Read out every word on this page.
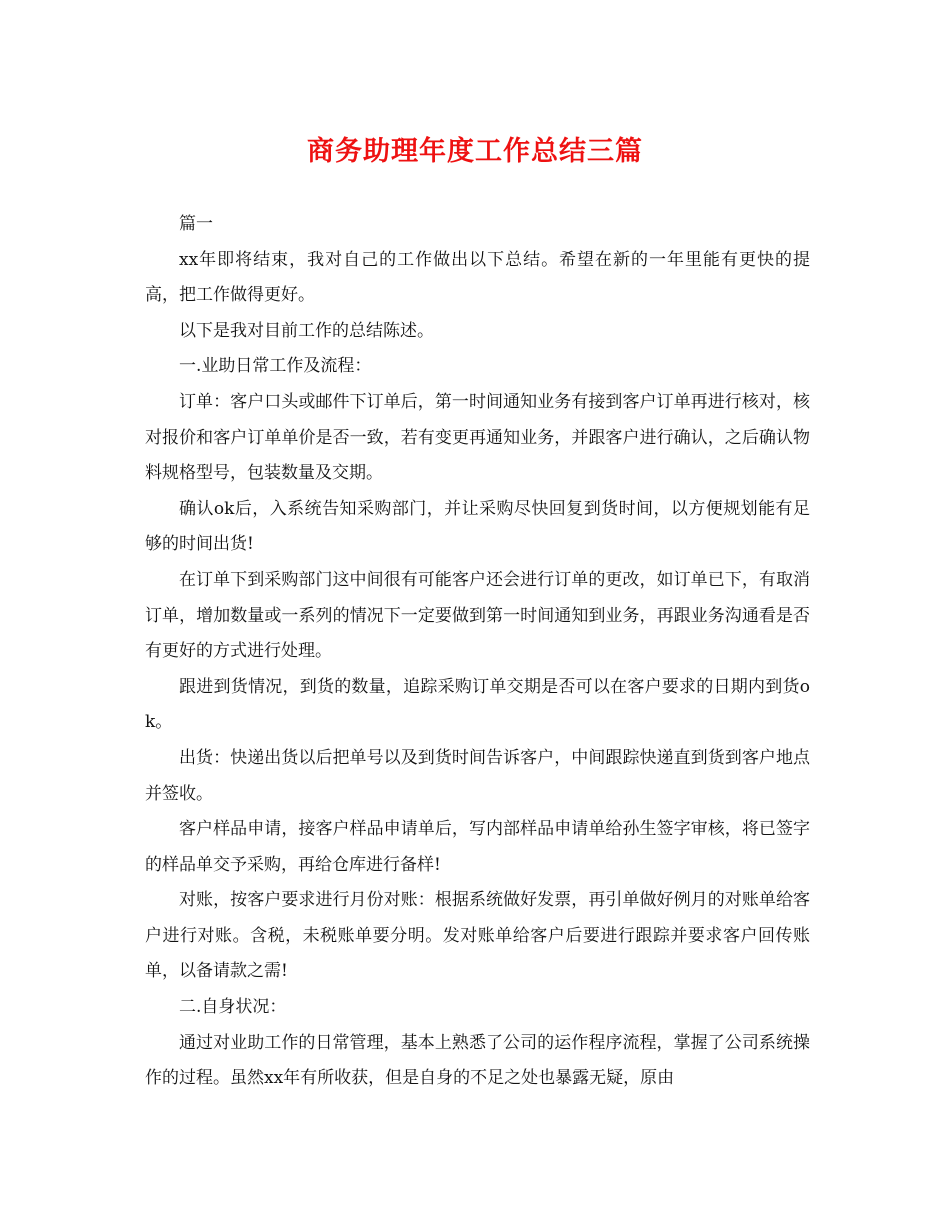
商务助理年度工作总结三篇

篇一

xx年即将结束，我对自己的工作做出以下总结。希望在新的一年里能有更快的提高，把工作做得更好。

以下是我对目前工作的总结陈述。

一.业助日常工作及流程：

订单：客户口头或邮件下订单后，第一时间通知业务有接到客户订单再进行核对，核对报价和客户订单单价是否一致，若有变更再通知业务，并跟客户进行确认，之后确认物料规格型号，包装数量及交期。

确认ok后，入系统告知采购部门，并让采购尽快回复到货时间，以方便规划能有足够的时间出货!

在订单下到采购部门这中间很有可能客户还会进行订单的更改，如订单已下，有取消订单，增加数量或一系列的情况下一定要做到第一时间通知到业务，再跟业务沟通看是否有更好的方式进行处理。

跟进到货情况，到货的数量，追踪采购订单交期是否可以在客户要求的日期内到货ok。

出货：快递出货以后把单号以及到货时间告诉客户，中间跟踪快递直到货到客户地点并签收。

客户样品申请，接客户样品申请单后，写内部样品申请单给孙生签字审核，将已签字的样品单交予采购，再给仓库进行备样!

对账，按客户要求进行月份对账：根据系统做好发票，再引单做好例月的对账单给客户进行对账。含税，未税账单要分明。发对账单给客户后要进行跟踪并要求客户回传账单，以备请款之需!

二.自身状况：

通过对业助工作的日常管理，基本上熟悉了公司的运作程序流程，掌握了公司系统操作的过程。虽然xx年有所收获，但是自身的不足之处也暴露无疑，原由
